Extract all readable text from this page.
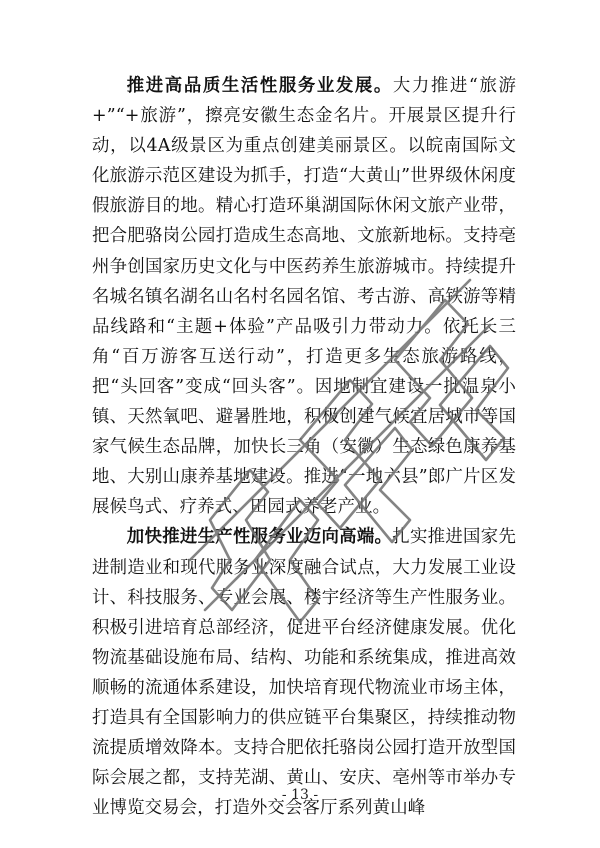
推进高品质生活性服务业发展。大力推进“旅游+”“+旅游”，擦亮安徽生态金名片。开展景区提升行动，以4A级景区为重点创建美丽景区。以皖南国际文化旅游示范区建设为抓手，打造“大黄山”世界级休闲度假旅游目的地。精心打造环巢湖国际休闲文旅产业带，把合肥骆岗公园打造成生态高地、文旅新地标。支持亳州争创国家历史文化与中医药养生旅游城市。持续提升名城名镇名湖名山名村名园名馆、考古游、高铁游等精品线路和“主题+体验”产品吸引力带动力。依托长三角“百万游客互送行动”，打造更多生态旅游路线，把“头回客”变成“回头客”。因地制宜建设一批温泉小镇、天然氧吧、避暑胜地，积极创建气候宜居城市等国家气候生态品牌，加快长三角（安徽）生态绿色康养基地、大别山康养基地建设。推进“一地六县”郎广片区发展候鸟式、疗养式、田园式养老产业。

加快推进生产性服务业迈向高端。扎实推进国家先进制造业和现代服务业深度融合试点，大力发展工业设计、科技服务、专业会展、楼宇经济等生产性服务业。积极引进培育总部经济，促进平台经济健康发展。优化物流基础设施布局、结构、功能和系统集成，推进高效顺畅的流通体系建设，加快培育现代物流业市场主体，打造具有全国影响力的供应链平台集聚区，持续推动物流提质增效降本。支持合肥依托骆岗公园打造开放型国际会展之都，支持芜湖、黄山、安庆、亳州等市举办专业博览交易会，打造外交会客厅系列黄山峰

- 13 -
